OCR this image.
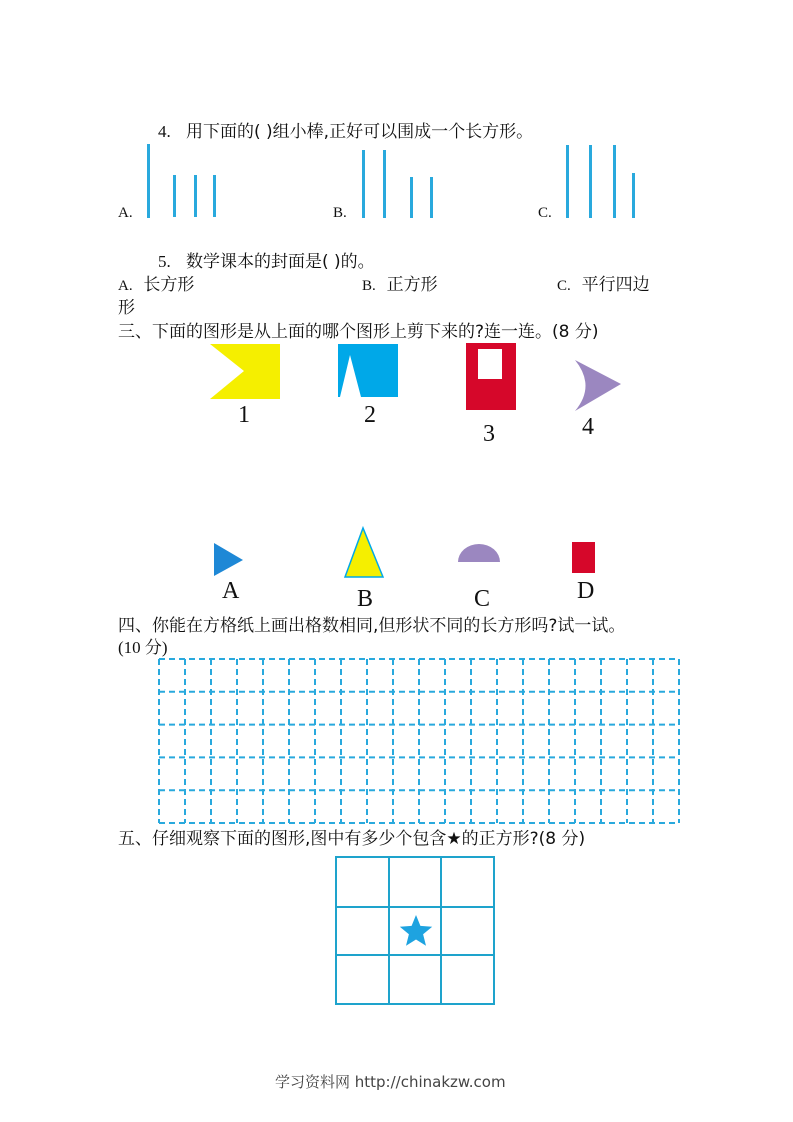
4. 用下面的( )组小棒,正好可以围成一个长方形。
A.	B.	C.
5. 数学课本的封面是( )的。
A. 长方形	B. 正方形	C. 平行四边
形
三、下面的图形是从上面的哪个图形上剪下来的?连一连。(8 分)
1	2
3	4
A	B	C	D
四、你能在方格纸上画出格数相同,但形状不同的长方形吗?试一试。
(10 分)
五、仔细观察下面的图形,图中有多少个包含★的正方形?(8 分)
学习资料网 http://chinakzw.com
